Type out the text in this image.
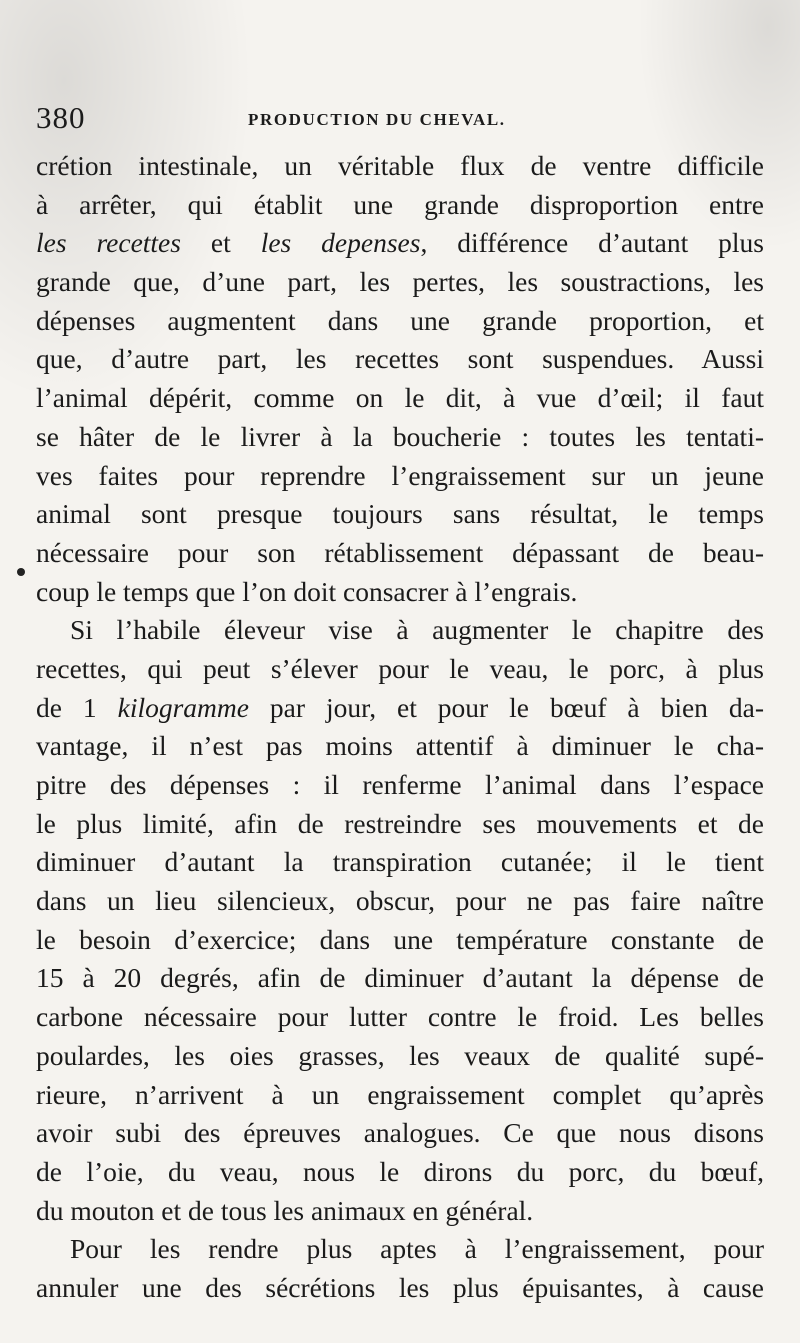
380	PRODUCTION DU CHEVAL.
crétion intestinale, un véritable flux de ventre difficile
à arrêter, qui établit une grande disproportion entre
les recettes et les depenses, différence d’autant plus
grande que, d’une part, les pertes, les soustractions, les
dépenses augmentent dans une grande proportion, et
que, d’autre part, les recettes sont suspendues. Aussi
l’animal dépérit, comme on le dit, à vue d’œil; il faut
se hâter de le livrer à la boucherie : toutes les tentati-
ves faites pour reprendre l’engraissement sur un jeune
animal sont presque toujours sans résultat, le temps
nécessaire pour son rétablissement dépassant de beau-
coup le temps que l’on doit consacrer à l’engrais.
Si l’habile éleveur vise à augmenter le chapitre des
recettes, qui peut s’élever pour le veau, le porc, à plus
de 1 kilogramme par jour, et pour le bœuf à bien da-
vantage, il n’est pas moins attentif à diminuer le cha-
pitre des dépenses : il renferme l’animal dans l’espace
le plus limité, afin de restreindre ses mouvements et de
diminuer d’autant la transpiration cutanée; il le tient
dans un lieu silencieux, obscur, pour ne pas faire naître
le besoin d’exercice; dans une température constante de
15 à 20 degrés, afin de diminuer d’autant la dépense de
carbone nécessaire pour lutter contre le froid. Les belles
poulardes, les oies grasses, les veaux de qualité supé-
rieure, n’arrivent à un engraissement complet qu’après
avoir subi des épreuves analogues. Ce que nous disons
de l’oie, du veau, nous le dirons du porc, du bœuf,
du mouton et de tous les animaux en général.
Pour les rendre plus aptes à l’engraissement, pour
annuler une des sécrétions les plus épuisantes, à cause
